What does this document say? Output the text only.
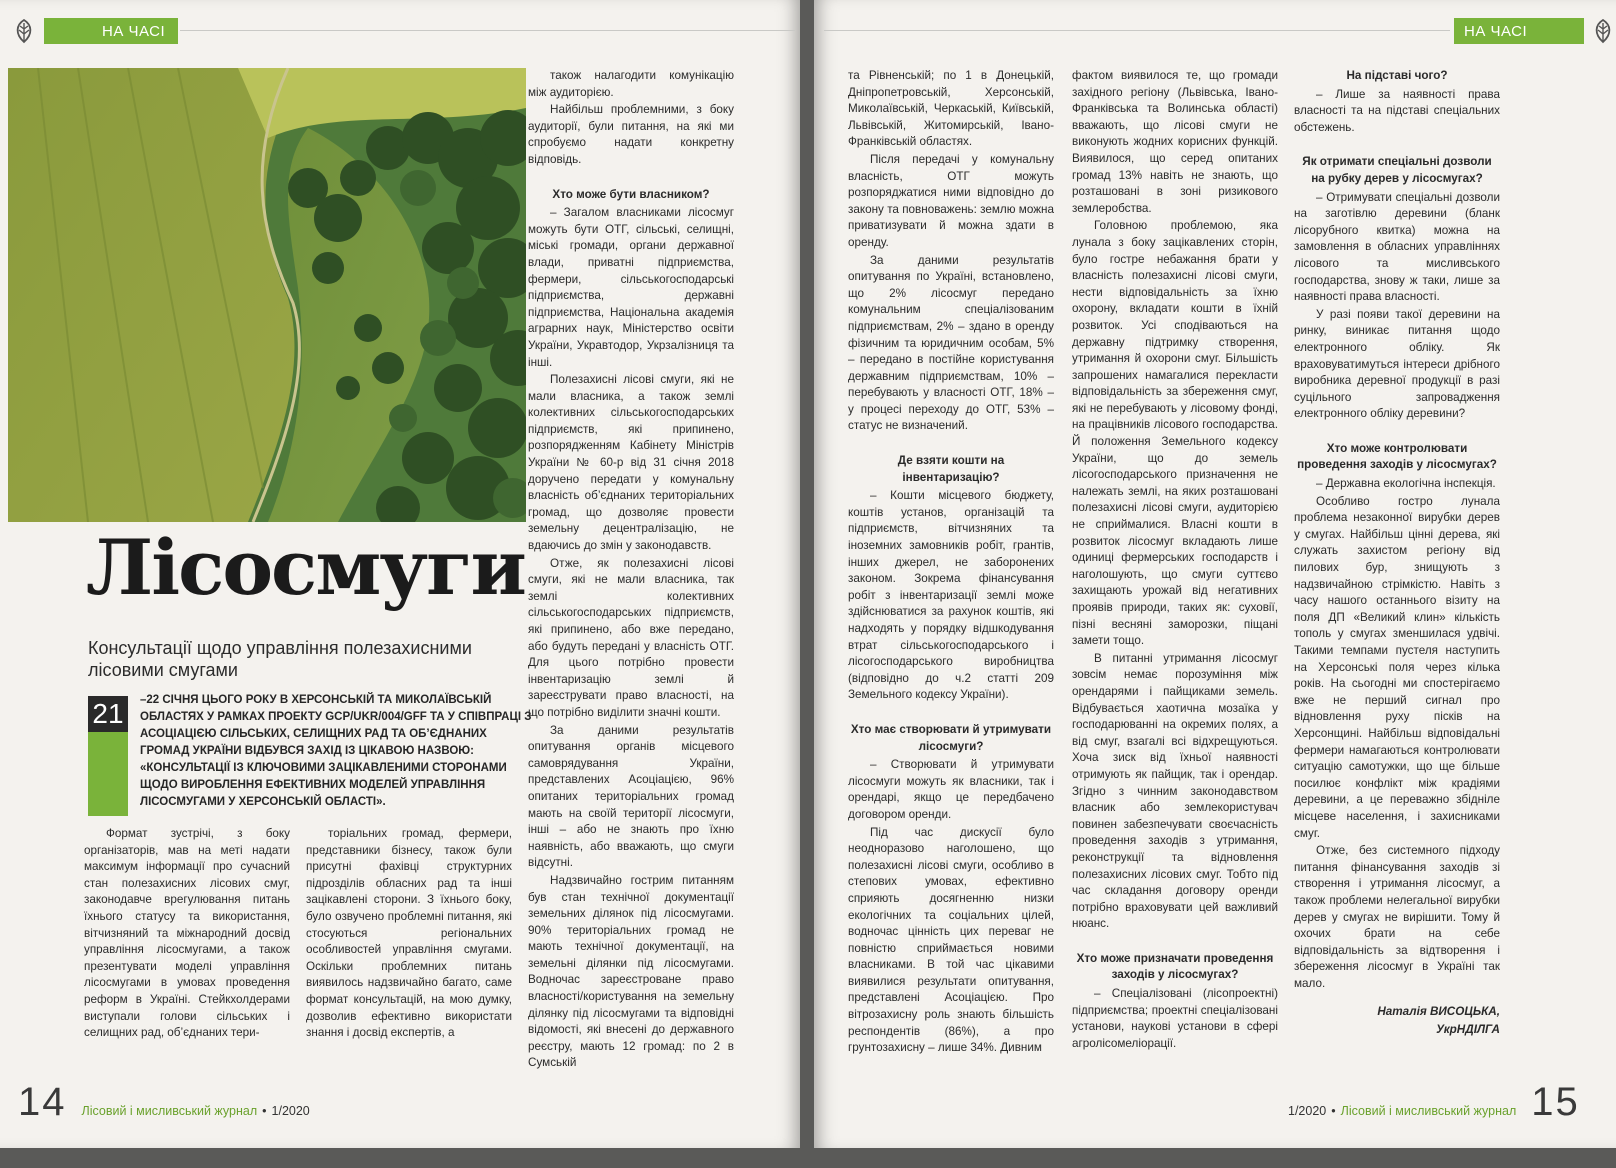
НА ЧАСІ
Лісосмуги
Консультації щодо управління полезахисними лісовими смугами
21	–22 СІЧНЯ ЦЬОГО РОКУ В ХЕРСОНСЬКІЙ ТА МИКОЛАЇВСЬКІЙ ОБЛАСТЯХ У РАМКАХ ПРОЕКТУ GCP/UKR/004/GFF ТА У СПІВПРАЦІ З АСОЦІАЦІЄЮ СІЛЬСЬКИХ, СЕЛИЩНИХ РАД ТА ОБ’ЄДНАНИХ ГРОМАД УКРАЇНИ ВІДБУВСЯ ЗАХІД ІЗ ЦІКАВОЮ НАЗВОЮ: «КОНСУЛЬТАЦІЇ ІЗ КЛЮЧОВИМИ ЗАЦІКАВЛЕНИМИ СТОРОНАМИ ЩОДО ВИРОБЛЕННЯ ЕФЕКТИВНИХ МОДЕЛЕЙ УПРАВЛІННЯ ЛІСОСМУГАМИ У ХЕРСОНСЬКІЙ ОБЛАСТІ».

Формат зустрічі, з боку організаторів, мав на меті надати максимум інформації про сучасний стан полезахисних лісових смуг, законодавче врегулювання питань їхнього статусу та використання, вітчизняний та міжнародний досвід управління лісосмугами, а також презентувати моделі управління лісосмугами в умовах проведення реформ в Україні. Стейкхолдерами виступали голови сільських і селищних рад, об’єднаних тери-

торіальних громад, фермери, представники бізнесу, також були присутні фахівці структурних підрозділів обласних рад та інші зацікавлені сторони. З їхнього боку, було озвучено проблемні питання, які стосуються регіональних особливостей управління смугами. Оскільки проблемних питань виявилось надзвичайно багато, саме формат консультацій, на мою думку, дозволив ефективно використати знання і досвід експертів, а

також налагодити комунікацію між аудиторією.

Найбільш проблемними, з боку аудиторії, були питання, на які ми спробуємо надати конкретну відповідь.

Хто може бути власником?

– Загалом власниками лісосмуг можуть бути ОТГ, сільські, селищні, міські громади, органи державної влади, приватні підприємства, фермери, сільськогосподарські підприємства, державні підприємства, Національна академія аграрних наук, Міністерство освіти України, Укравтодор, Укрзалізниця та інші.

Полезахисні лісові смуги, які не мали власника, а також землі колективних сільськогосподарських підприємств, які припинено, розпорядженням Кабінету Міністрів України № 60-р від 31 січня 2018 доручено передати у комунальну власність об’єднаних територіальних громад, що дозволяє провести земельну децентралізацію, не вдаючись до змін у законодавств.

Отже, як полезахисні лісові смуги, які не мали власника, так землі колективних сільськогосподарських підприємств, які припинено, або вже передано, або будуть передані у власність ОТГ. Для цього потрібно провести інвентаризацію землі й зареєструвати право власності, на що потрібно виділити значні кошти.

За даними результатів опитування органів місцевого самоврядування України, представлених Асоціацією, 96% опитаних територіальних громад мають на своїй території лісосмуги, інші – або не знають про їхню наявність, або вважають, що смуги відсутні.

Надзвичайно гострим питанням був стан технічної документації земельних ділянок під лісосмугами. 90% територіальних громад не мають технічної документації, на земельні ділянки під лісосмугами. Водночас зареєстроване право власності/користування на земельну ділянку під лісосмугами та відповідні відомості, які внесені до державного реєстру, мають 12 громад: по 2 в Сумській

14 Лісовий і мисливський журнал • 1/2020
НА ЧАСІ

та Рівненській; по 1 в Донецькій, Дніпропетровській, Херсонській, Миколаївській, Черкаській, Київській, Львівській, Житомирській, Івано-Франківській областях.

Після передачі у комунальну власність, ОТГ можуть розпоряджатися ними відповідно до закону та повноважень: землю можна приватизувати й можна здати в оренду.

За даними результатів опитування по Україні, встановлено, що 2% лісосмуг передано комунальним спеціалізованим підприємствам, 2% – здано в оренду фізичним та юридичним особам, 5% – передано в постійне користування державним підприємствам, 10% – перебувають у власності ОТГ, 18% – у процесі переходу до ОТГ, 53% – статус не визначений.

Де взяти кошти на інвентаризацію?

– Кошти місцевого бюджету, коштів установ, організацій та підприємств, вітчизняних та іноземних замовників робіт, грантів, інших джерел, не заборонених законом. Зокрема фінансування робіт з інвентаризації землі може здійснюватися за рахунок коштів, які надходять у порядку відшкодування втрат сільськогосподарського і лісогосподарського виробництва (відповідно до ч.2 статті 209 Земельного кодексу України).

Хто має створювати й утримувати лісосмуги?

– Створювати й утримувати лісосмуги можуть як власники, так і орендарі, якщо це передбачено договором оренди.

Під час дискусії було неодноразово наголошено, що полезахисні лісові смуги, особливо в степових умовах, ефективно сприяють досягненню низки екологічних та соціальних цілей, водночас цінність цих переваг не повністю сприймається новими власниками. В той час цікавими виявилися результати опитування, представлені Асоціацією. Про вітрозахисну роль знають більшість респондентів (86%), а про грунтозахисну – лише 34%. Дивним

фактом виявилося те, що громади західного регіону (Львівська, Івано-Франківська та Волинська області) вважають, що лісові смуги не виконують жодних корисних функцій. Виявилося, що серед опитаних громад 13% навіть не знають, що розташовані в зоні ризикового землеробства.

Головною проблемою, яка лунала з боку зацікавлених сторін, було гостре небажання брати у власність полезахисні лісові смуги, нести відповідальність за їхню охорону, вкладати кошти в їхній розвиток. Усі сподіваються на державну підтримку створення, утримання й охорони смуг. Більшість запрошених намагалися перекласти відповідальність за збереження смуг, які не перебувають у лісовому фонді, на працівників лісового господарства. Й положення Земельного кодексу України, що до земель лісогосподарського призначення не належать землі, на яких розташовані полезахисні лісові смуги, аудиторією не сприймалися. Власні кошти в розвиток лісосмуг вкладають лише одиниці фермерських господарств і наголошують, що смуги суттєво захищають урожай від негативних проявів природи, таких як: суховії, пізні весняні заморозки, піщані замети тощо.

В питанні утримання лісосмуг зовсім немає порозуміння між орендарями і пайщиками земель. Відбувається хаотична мозаїка у господарюванні на окремих полях, а від смуг, взагалі всі відхрещуються. Хоча зиск від їхньої наявності отримують як пайщик, так і орендар. Згідно з чинним законодавством власник або землекористувач повинен забезпечувати своєчасність проведення заходів з утримання, реконструкції та відновлення полезахисних лісових смуг. Тобто під час складання договору оренди потрібно враховувати цей важливий нюанс.

Хто може призначати проведення заходів у лісосмугах?

– Спеціалізовані (лісопроектні) підприємства; проектні спеціалізовані установи, наукові установи в сфері агролісомеліорації.

На підставі чого?

– Лише за наявності права власності та на підставі спеціальних обстежень.

Як отримати спеціальні дозволи на рубку дерев у лісосмугах?

– Отримувати спеціальні дозволи на заготівлю деревини (бланк лісорубного квитка) можна на замовлення в обласних управліннях лісового та мисливського господарства, знову ж таки, лише за наявності права власності.

У разі появи такої деревини на ринку, виникає питання щодо електронного обліку. Як враховуватимуться інтереси дрібного виробника деревної продукції в разі суцільного запровадження електронного обліку деревини?

Хто може контролювати проведення заходів у лісосмугах?

– Державна екологічна інспекція.

Особливо гостро лунала проблема незаконної вирубки дерев у смугах. Найбільш цінні дерева, які служать захистом регіону від пилових бур, знищують з надзвичайною стрімкістю. Навіть з часу нашого останнього візиту на поля ДП «Великий клин» кількість тополь у смугах зменшилася удвічі. Такими темпами пустеля наступить на Херсонські поля через кілька років. На сьогодні ми спостерігаємо вже не перший сигнал про відновлення руху пісків на Херсонщині. Найбільш відповідальні фермери намагаються контролювати ситуацію самотужки, що ще більше посилює конфлікт між крадіями деревини, а це переважно збідніле місцеве населення, і захисниками смуг.

Отже, без системного підходу питання фінансування заходів зі створення і утримання лісосмуг, а також проблеми нелегальної вирубки дерев у смугах не вирішити. Тому й охочих брати на себе відповідальність за відтворення і збереження лісосмуг в Україні так мало.

Наталія ВИСОЦЬКА,

УкрНДІЛГА

1/2020 • Лісовий і мисливський журнал 15
